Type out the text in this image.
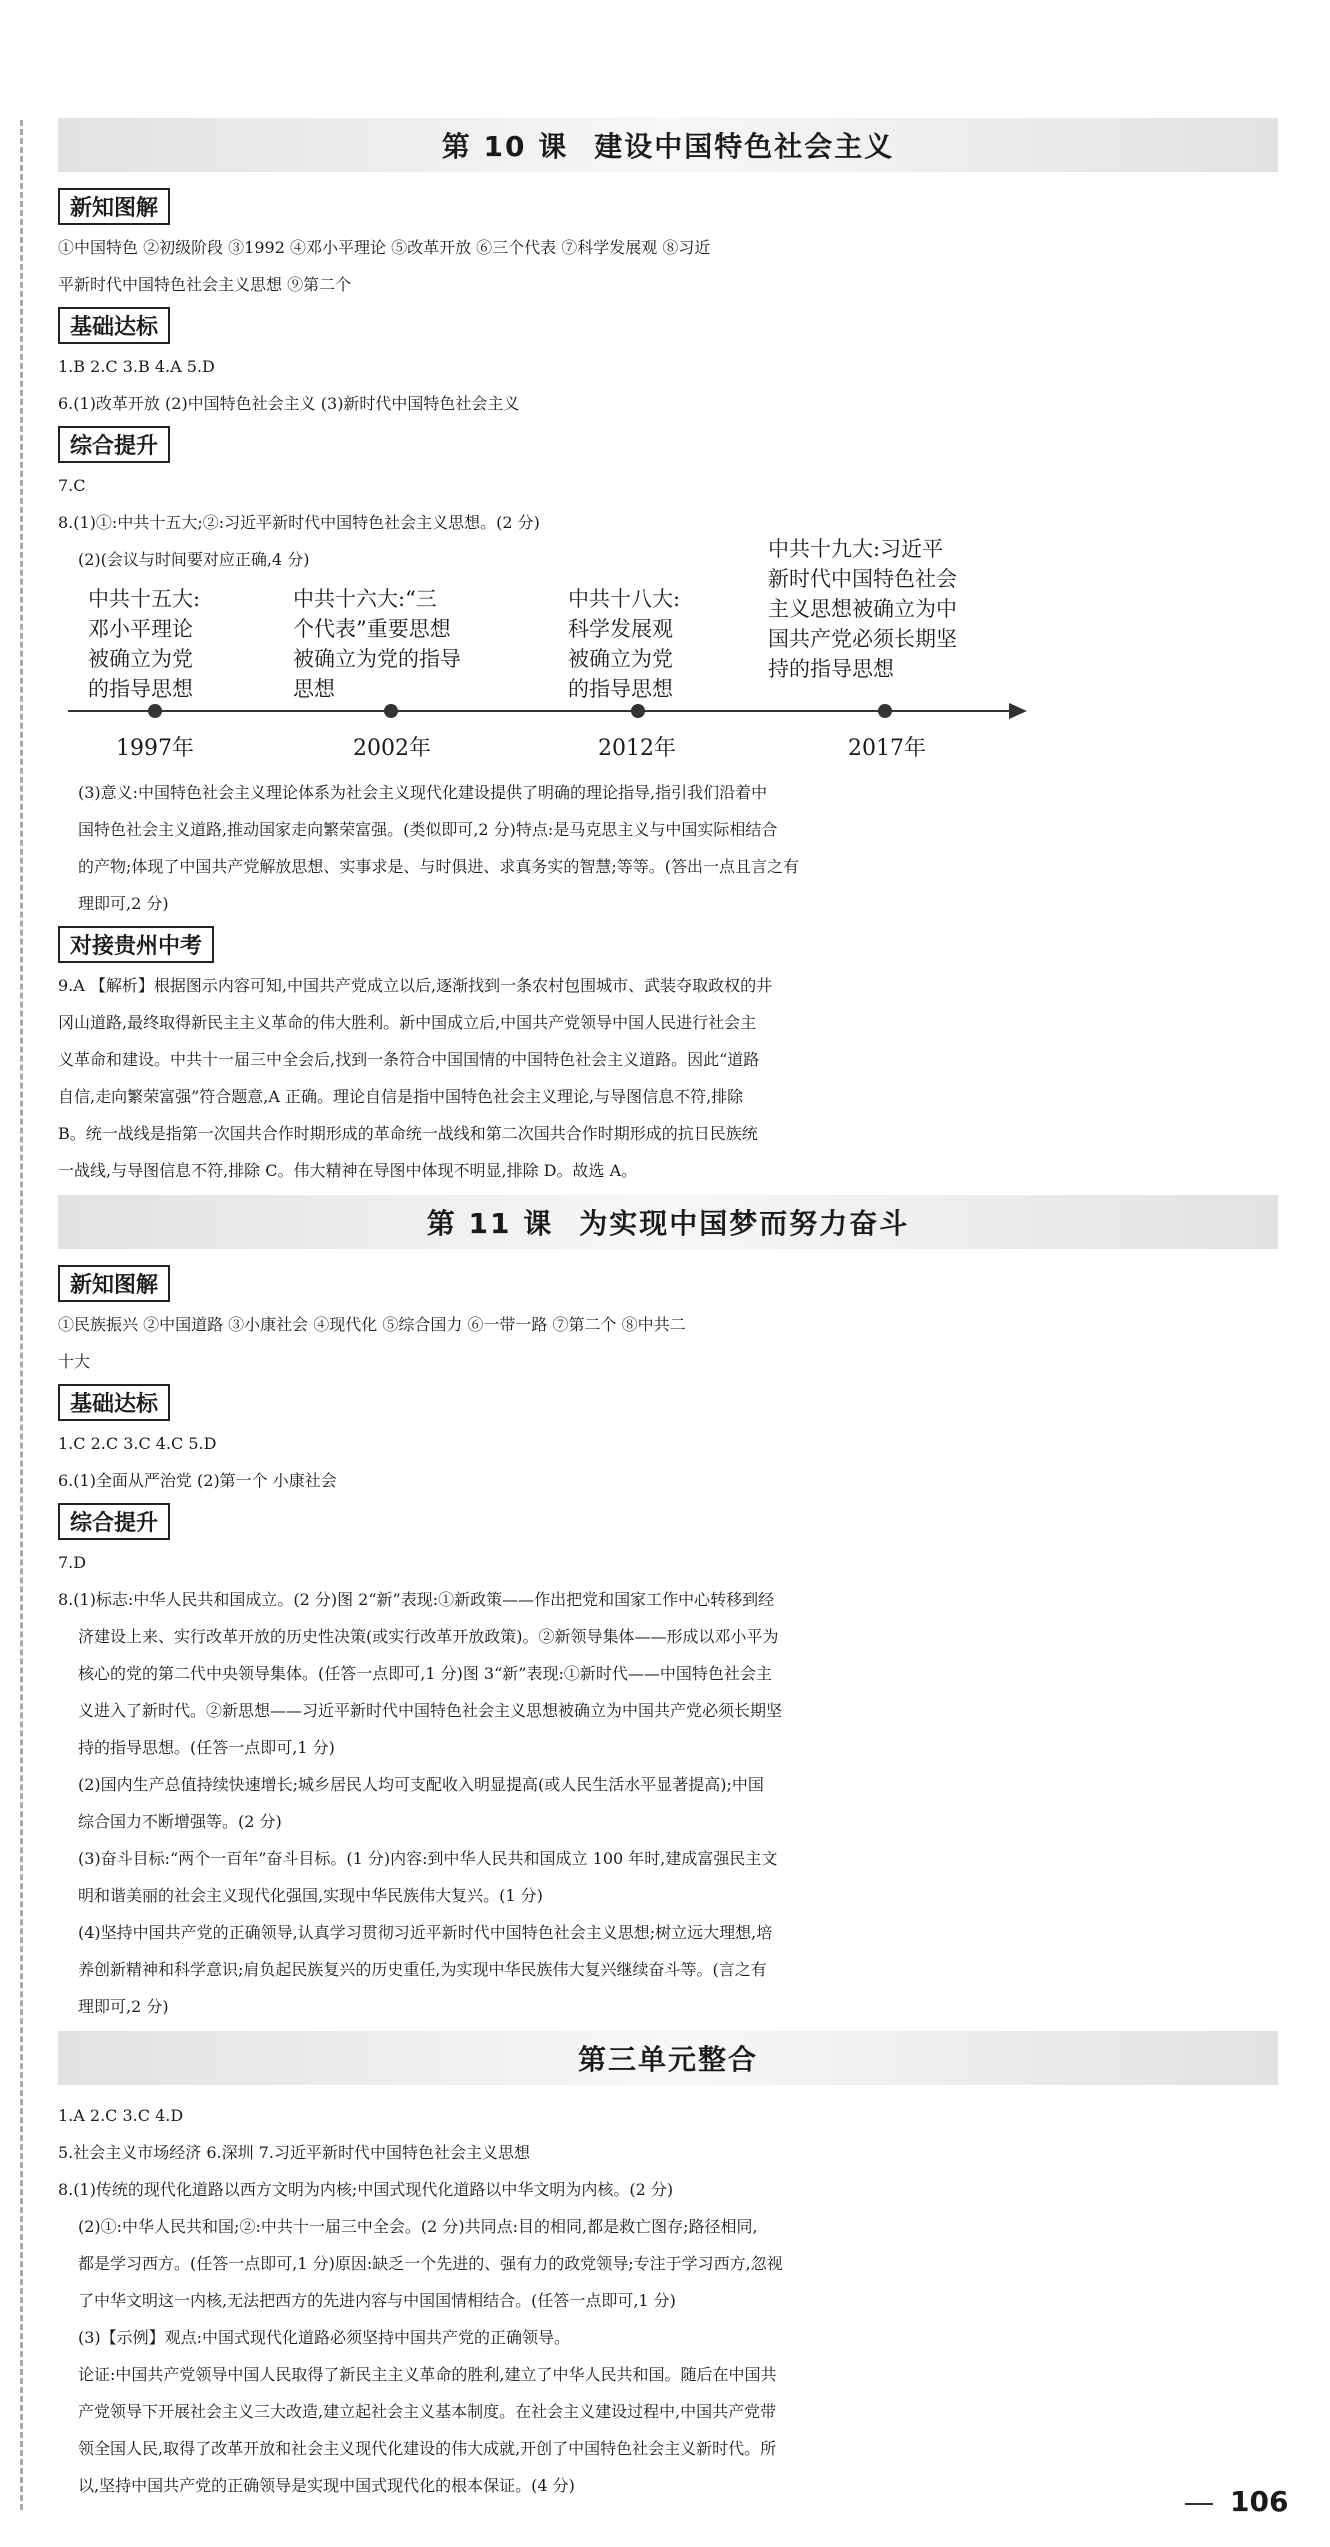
第 10 课 建设中国特色社会主义
新知图解
①中国特色 ②初级阶段 ③1992 ④邓小平理论 ⑤改革开放 ⑥三个代表 ⑦科学发展观 ⑧习近
平新时代中国特色社会主义思想 ⑨第二个
基础达标
1.B 2.C 3.B 4.A 5.D
6.(1)改革开放 (2)中国特色社会主义 (3)新时代中国特色社会主义
综合提升
7.C
8.(1)①:中共十五大;②:习近平新时代中国特色社会主义思想。(2 分)
(2)(会议与时间要对应正确,4 分)
中共十五大:
邓小平理论
被确立为党
的指导思想
中共十六大:“三
个代表”重要思想
被确立为党的指导
思想
中共十八大:
科学发展观
被确立为党
的指导思想
中共十九大:习近平
新时代中国特色社会
主义思想被确立为中
国共产党必须长期坚
持的指导思想
1997年	2002年	2012年	2017年
(3)意义:中国特色社会主义理论体系为社会主义现代化建设提供了明确的理论指导,指引我们沿着中
国特色社会主义道路,推动国家走向繁荣富强。(类似即可,2 分)特点:是马克思主义与中国实际相结合
的产物;体现了中国共产党解放思想、实事求是、与时俱进、求真务实的智慧;等等。(答出一点且言之有
理即可,2 分)
对接贵州中考
9.A 【解析】根据图示内容可知,中国共产党成立以后,逐渐找到一条农村包围城市、武装夺取政权的井
冈山道路,最终取得新民主主义革命的伟大胜利。新中国成立后,中国共产党领导中国人民进行社会主
义革命和建设。中共十一届三中全会后,找到一条符合中国国情的中国特色社会主义道路。因此“道路
自信,走向繁荣富强”符合题意,A 正确。理论自信是指中国特色社会主义理论,与导图信息不符,排除
B。统一战线是指第一次国共合作时期形成的革命统一战线和第二次国共合作时期形成的抗日民族统
一战线,与导图信息不符,排除 C。伟大精神在导图中体现不明显,排除 D。故选 A。
第 11 课 为实现中国梦而努力奋斗
新知图解
①民族振兴 ②中国道路 ③小康社会 ④现代化 ⑤综合国力 ⑥一带一路 ⑦第二个 ⑧中共二
十大
基础达标
1.C 2.C 3.C 4.C 5.D
6.(1)全面从严治党 (2)第一个 小康社会
综合提升
7.D
8.(1)标志:中华人民共和国成立。(2 分)图 2“新”表现:①新政策——作出把党和国家工作中心转移到经
济建设上来、实行改革开放的历史性决策(或实行改革开放政策)。②新领导集体——形成以邓小平为
核心的党的第二代中央领导集体。(任答一点即可,1 分)图 3“新”表现:①新时代——中国特色社会主
义进入了新时代。②新思想——习近平新时代中国特色社会主义思想被确立为中国共产党必须长期坚
持的指导思想。(任答一点即可,1 分)
(2)国内生产总值持续快速增长;城乡居民人均可支配收入明显提高(或人民生活水平显著提高);中国
综合国力不断增强等。(2 分)
(3)奋斗目标:“两个一百年”奋斗目标。(1 分)内容:到中华人民共和国成立 100 年时,建成富强民主文
明和谐美丽的社会主义现代化强国,实现中华民族伟大复兴。(1 分)
(4)坚持中国共产党的正确领导,认真学习贯彻习近平新时代中国特色社会主义思想;树立远大理想,培
养创新精神和科学意识;肩负起民族复兴的历史重任,为实现中华民族伟大复兴继续奋斗等。(言之有
理即可,2 分)
第三单元整合
1.A 2.C 3.C 4.D
5.社会主义市场经济 6.深圳 7.习近平新时代中国特色社会主义思想
8.(1)传统的现代化道路以西方文明为内核;中国式现代化道路以中华文明为内核。(2 分)
(2)①:中华人民共和国;②:中共十一届三中全会。(2 分)共同点:目的相同,都是救亡图存;路径相同,
都是学习西方。(任答一点即可,1 分)原因:缺乏一个先进的、强有力的政党领导;专注于学习西方,忽视
了中华文明这一内核,无法把西方的先进内容与中国国情相结合。(任答一点即可,1 分)
(3)【示例】观点:中国式现代化道路必须坚持中国共产党的正确领导。
论证:中国共产党领导中国人民取得了新民主主义革命的胜利,建立了中华人民共和国。随后在中国共
产党领导下开展社会主义三大改造,建立起社会主义基本制度。在社会主义建设过程中,中国共产党带
领全国人民,取得了改革开放和社会主义现代化建设的伟大成就,开创了中国特色社会主义新时代。所
以,坚持中国共产党的正确领导是实现中国式现代化的根本保证。(4 分)	106
